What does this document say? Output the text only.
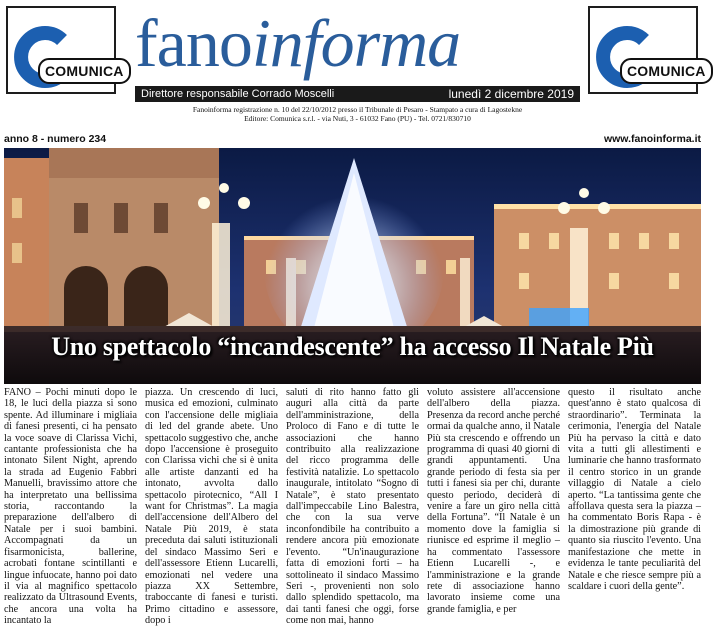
COMUNICA	COMUNICA
fanoinforma
Direttore responsabile Corrado Moscelli	lunedì 2 dicembre 2019
Fanoinforma registrazione n. 10 del 22/10/2012 presso il Tribunale di Pesaro - Stampato a cura di Lagostekne
Editore: Comunica s.r.l. - via Nuti, 3 - 61032 Fano (PU) - Tel. 0721/830710
anno 8 - numero 234	www.fanoinforma.it
Uno spettacolo “incandescente” ha accesso Il Natale Più
FANO – Pochi minuti dopo le 18, le luci della piazza si sono spente. Ad illuminare i migliaia di fanesi presenti, ci ha pensato la voce soave di Clarissa Vichi, cantante professionista che ha intonato Silent Night, aprendo la strada ad Eugenio Fabbri Manuelli, bravissimo attore che ha interpretato una bellissima storia, raccontando la preparazione dell'albero di Natale per i suoi bambini. Accompagnati da un fisarmonicista, ballerine, acrobati fontane scintillanti e lingue infuocate, hanno poi dato il via al magnifico spettacolo realizzato da Ultrasound Events, che ancora una volta ha incantato la
piazza. Un crescendo di luci, musica ed emozioni, culminato con l'accensione delle migliaia di led del grande abete. Uno spettacolo suggestivo che, anche dopo l'accensione è proseguito con Clarissa vichi che si è unita alle artiste danzanti ed ha intonato, avvolta dallo spettacolo pirotecnico, “All I want for Christmas”. La magia dell'accensione dell'Albero del Natale Più 2019, è stata preceduta dai saluti istituzionali del sindaco Massimo Seri e dell'assessore Etienn Lucarelli, emozionati nel vedere una piazza XX Settembre, traboccante di fanesi e turisti. Primo cittadino e assessore, dopo i
saluti di rito hanno fatto gli auguri alla città da parte dell'amministrazione, della Proloco di Fano e di tutte le associazioni che hanno contribuito alla realizzazione del ricco programma delle festività natalizie. Lo spettacolo inaugurale, intitolato “Sogno di Natale”, è stato presentato dall'impeccabile Lino Balestra, che con la sua verve inconfondibile ha contribuito a rendere ancora più emozionate l'evento. “Un'inaugurazione fatta di emozioni forti – ha sottolineato il sindaco Massimo Seri -, provenienti non solo dallo splendido spettacolo, ma dai tanti fanesi che oggi, forse come non mai, hanno
voluto assistere all'accensione dell'albero della piazza. Presenza da record anche perché ormai da qualche anno, il Natale Più sta crescendo e offrendo un programma di quasi 40 giorni di grandi appuntamenti. Una grande periodo di festa sia per tutti i fanesi sia per chi, durante questo periodo, deciderà di venire a fare un giro nella città della Fortuna”. “Il Natale è un momento dove la famiglia si riunisce ed esprime il meglio – ha commentato l'assessore Etienn Lucarelli -, e l'amministrazione e la grande rete di associazione hanno lavorato insieme come una grande famiglia, e per
questo il risultato anche quest'anno è stato qualcosa di straordinario”. Terminata la cerimonia, l'energia del Natale Più ha pervaso la città e dato vita a tutti gli allestimenti e luminarie che hanno trasformato il centro storico in un grande villaggio di Natale a cielo aperto. “La tantissima gente che affollava questa sera la piazza – ha commentato Boris Rapa - è la dimostrazione più grande di quanto sia riuscito l'evento. Una manifestazione che mette in evidenza le tante peculiarità del Natale e che riesce sempre più a scaldare i cuori della gente”.
